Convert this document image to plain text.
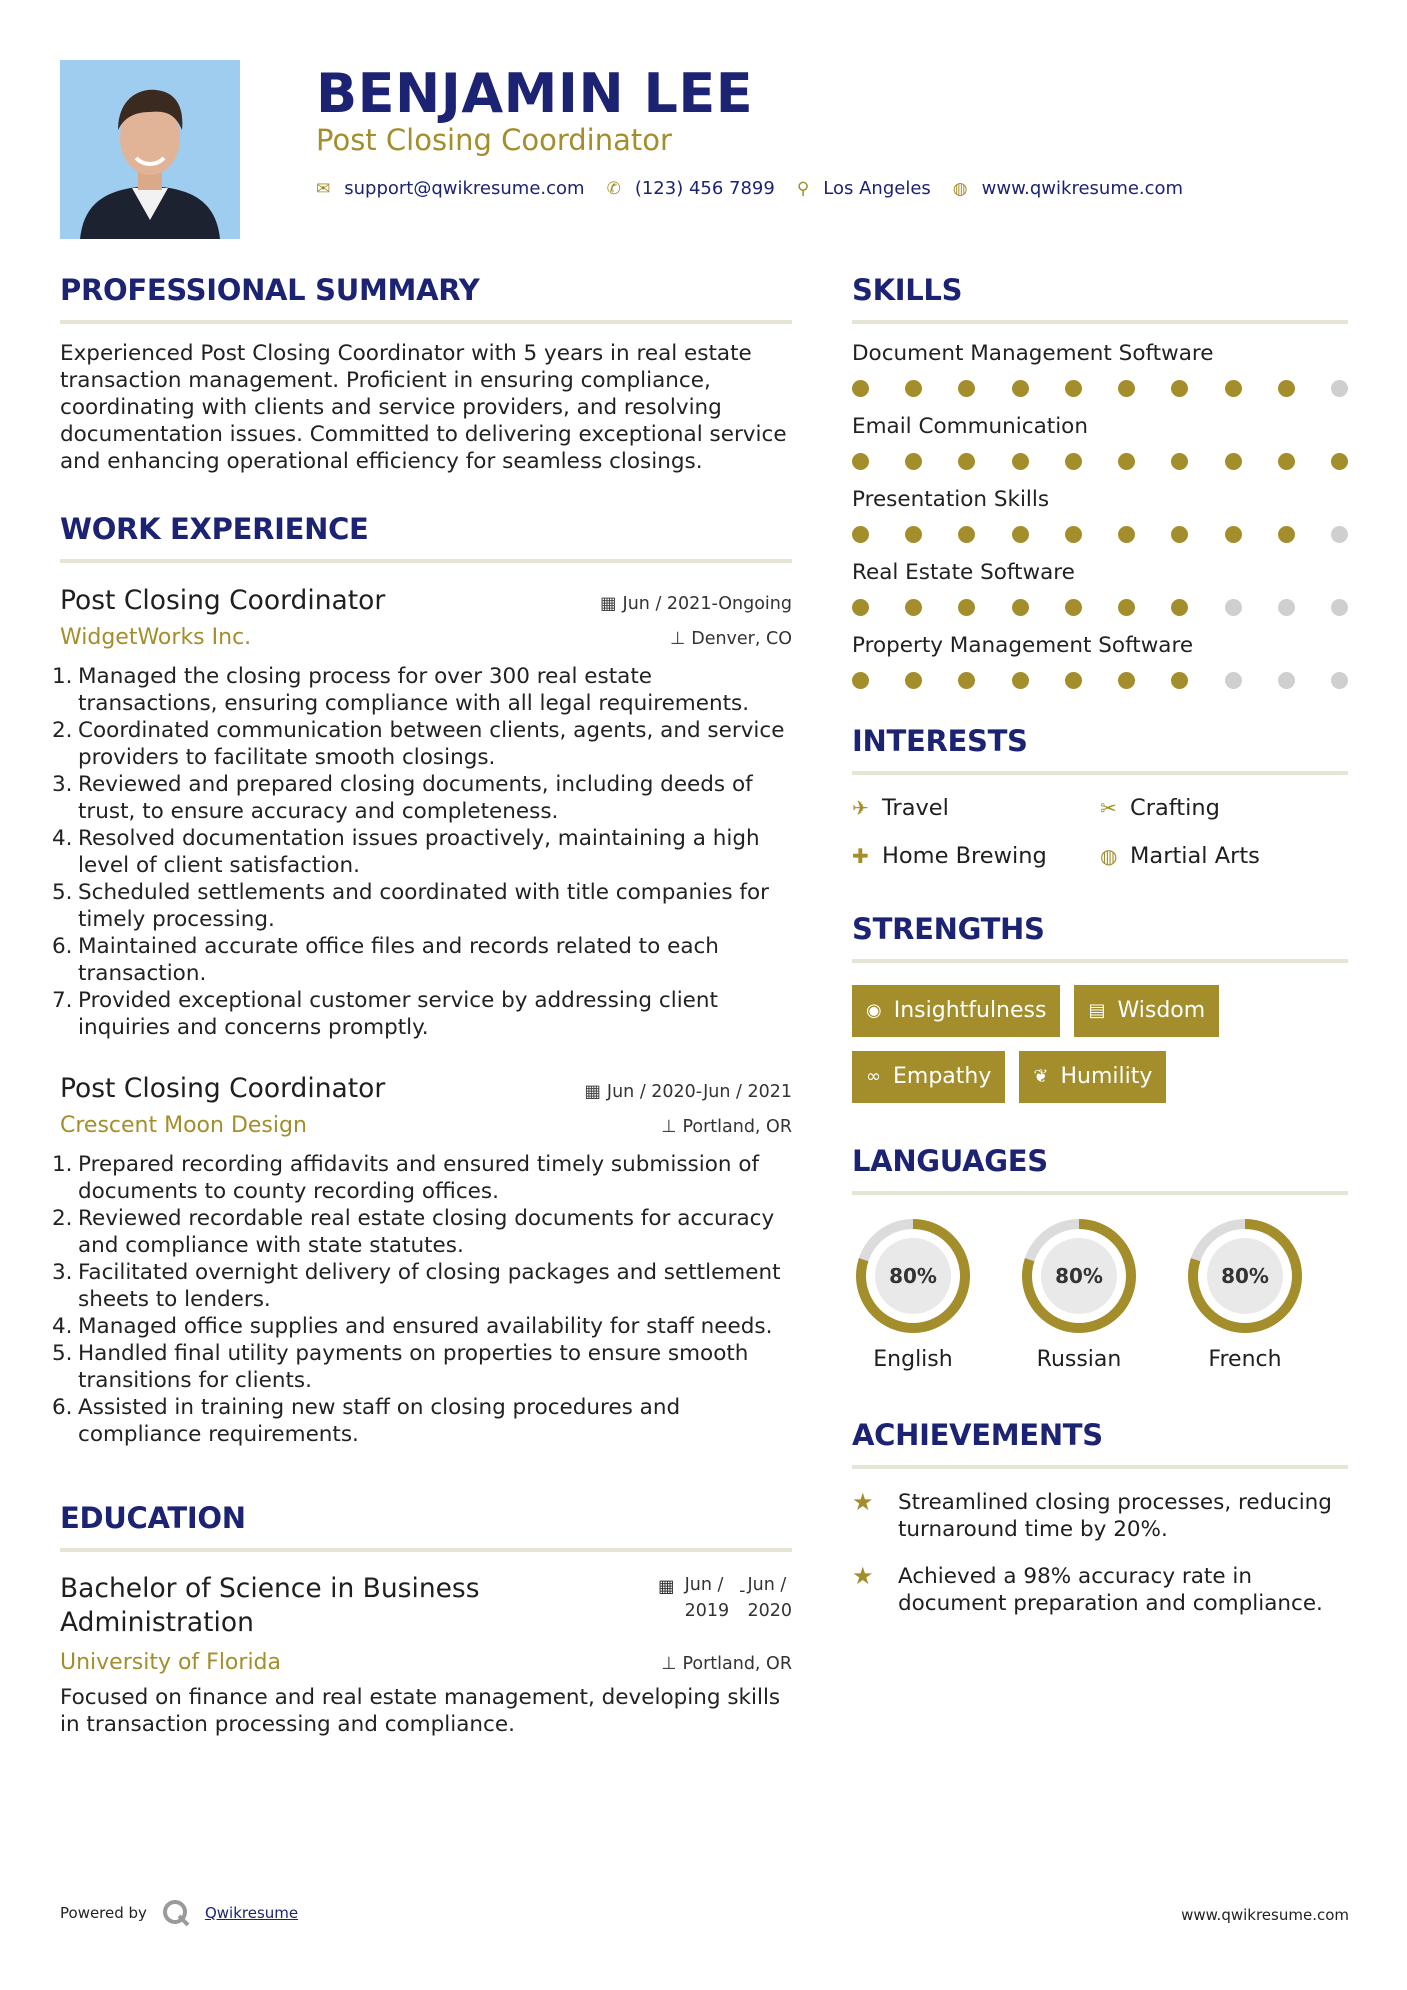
BENJAMIN LEE
Post Closing Coordinator
✉ support@qwikresume.com ✆ (123) 456 7899 ⚲ Los Angeles ◍ www.qwikresume.com
PROFESSIONAL SUMMARY

Experienced Post Closing Coordinator with 5 years in real estate transaction management. Proficient in ensuring compliance, coordinating with clients and service providers, and resolving documentation issues. Committed to delivering exceptional service and enhancing operational efficiency for seamless closings.

WORK EXPERIENCE
Post Closing Coordinator	▦ Jun / 2021-Ongoing
WidgetWorks Inc.	⊥ Denver, CO
1. Managed the closing process for over 300 real estate transactions, ensuring compliance with all legal requirements.
2. Coordinated communication between clients, agents, and service providers to facilitate smooth closings.
3. Reviewed and prepared closing documents, including deeds of trust, to ensure accuracy and completeness.
4. Resolved documentation issues proactively, maintaining a high level of client satisfaction.
5. Scheduled settlements and coordinated with title companies for timely processing.
6. Maintained accurate office files and records related to each transaction.
7. Provided exceptional customer service by addressing client inquiries and concerns promptly.
Post Closing Coordinator	▦ Jun / 2020-Jun / 2021
Crescent Moon Design	⊥ Portland, OR
1. Prepared recording affidavits and ensured timely submission of documents to county recording offices.
2. Reviewed recordable real estate closing documents for accuracy and compliance with state statutes.
3. Facilitated overnight delivery of closing packages and settlement sheets to lenders.
4. Managed office supplies and ensured availability for staff needs.
5. Handled final utility payments on properties to ensure smooth transitions for clients.
6. Assisted in training new staff on closing procedures and compliance requirements.
EDUCATION
Bachelor of Science in Business Administration
▦ Jun /
2019
- Jun /
2020
University of Florida	⊥ Portland, OR

Focused on finance and real estate management, developing skills in transaction processing and compliance.

SKILLS
Document Management Software
Email Communication
Presentation Skills
Real Estate Software
Property Management Software
INTERESTS
✈ Travel	✂ Crafting
✚ Home Brewing	◍ Martial Arts
STRENGTHS
◉ Insightfulness ▤ Wisdom
∞ Empathy ❦ Humility
LANGUAGES
80%
English
80%
Russian
80%
French
ACHIEVEMENTS
★	Streamlined closing processes, reducing turnaround time by 20%.
★	Achieved a 98% accuracy rate in document preparation and compliance.
Powered by	Qwikresume	www.qwikresume.com
